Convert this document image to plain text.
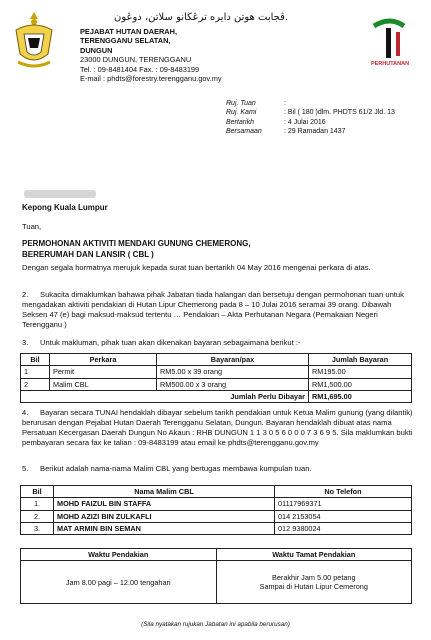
ڤجابت هوتن دايره ترڠڬانو سلاتن، دوڠون.
PEJABAT HUTAN DAERAH,
TERENGGANU SELATAN,
DUNGUN
23000 DUNGUN, TERENGGANU
Tel. : 09-8481404 Fax. : 09-8483199
E-mail : phdts@forestry.terengganu.gov.my
PERHUTANAN
Ruj. Tuan	:
Ruj. Kami	: Bil ( 180 )dlm. PHDTS 61/2 Jld. 13
Bertarikh	: 4 Julai 2016
Bersamaan	: 29 Ramadan 1437
Kepong Kuala Lumpur
Tuan,
PERMOHONAN AKTIVITI MENDAKI GUNUNG CHEMERONG,
BERERUMAH DAN LANSIR ( CBL )
Dengan segala hormatnya merujuk kepada surat tuan bertarikh 04 May 2016 mengenai perkara di atas.
2. Sukacita dimaklumkan bahawa pihak Jabatan tiada halangan dan bersetuju dengan permohonan tuan untuk mengadakan aktiviti pendakian di Hutan Lipur Chemerong pada 8 – 10 Julai 2016 seramai 39 orang. Dibawah Seksen 47 (e) bagi maksud-maksud tertentu … Pendakian – Akta Perhutanan Negara (Pemakaian Negeri Terengganu )
3. Untuk makluman, pihak tuan akan dikenakan bayaran sebagaimana berikut :-
Bil	Perkara	Bayaran/pax	Jumlah Bayaran
1	Permit	RM5.00 x 39 orang	RM195.00
2	Malim CBL	RM500.00 x 3 orang	RM1,500.00
Jumlah Perlu Dibayar			RM1,695.00
4. Bayaran secara TUNAI hendaklah dibayar sebelum tarikh pendakian untuk Ketua Malim gunung (yang dilantik) berurusan dengan Pejabat Hutan Daerah Terengganu Selatan, Dungun. Bayaran hendaklah dibuat atas nama Persatuan Kecergasan Daerah Dungun No Akaun : RHB DUNGUN 1 1 3 0 5 6 0 0 0 7 3 6 9 5. Sila maklumkan bukti pembayaran secara fax ke talian : 09-8483199 atau email ke phdts@terengganu.gov.my
5. Berikut adalah nama-nama Malim CBL yang bertugas membawa kumpulan tuan.
Bil	Nama Malim CBL	No Telefon
1.	MOHD FAIZUL BIN STAFFA	01117969371
2.	MOHD AZIZI BIN ZULKAFLI	014 2153054
3.	MAT ARMIN BIN SEMAN	012 9380024
Waktu Pendakian	Waktu Tamat Pendakian
Jam 8.00 pagi – 12.00 tengahari	Berakhir Jam 5.00 petang
Sampai di Hutan Lipur Cemerong
(Sila nyatakan rujukan Jabatan ini apabila berurusan)
